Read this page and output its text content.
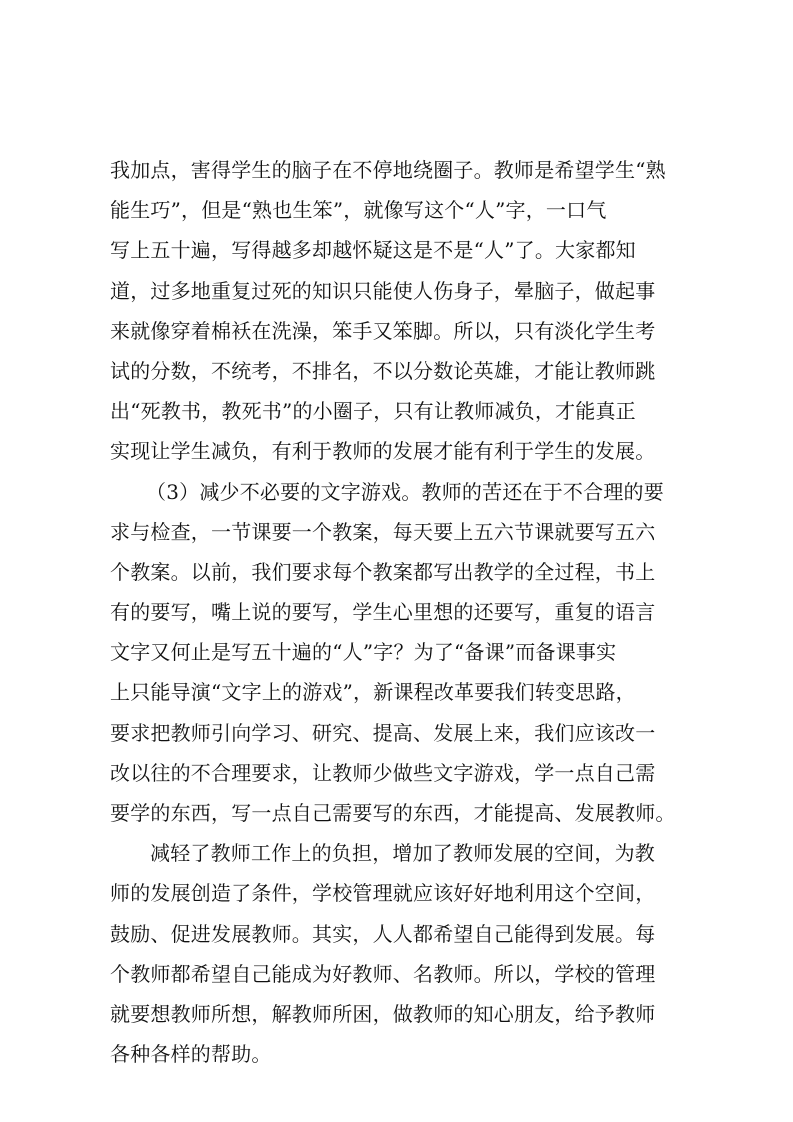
我加点，害得学生的脑子在不停地绕圈子。教师是希望学生“熟
能生巧”，但是“熟也生笨”，就像写这个“人”字，一口气
写上五十遍，写得越多却越怀疑这是不是“人”了。大家都知
道，过多地重复过死的知识只能使人伤身子，晕脑子，做起事
来就像穿着棉袄在洗澡，笨手又笨脚。所以，只有淡化学生考
试的分数，不统考，不排名，不以分数论英雄，才能让教师跳
出“死教书，教死书”的小圈子，只有让教师减负，才能真正
实现让学生减负，有利于教师的发展才能有利于学生的发展。
（3）减少不必要的文字游戏。教师的苦还在于不合理的要
求与检查，一节课要一个教案，每天要上五六节课就要写五六
个教案。以前，我们要求每个教案都写出教学的全过程，书上
有的要写，嘴上说的要写，学生心里想的还要写，重复的语言
文字又何止是写五十遍的“人”字？为了“备课”而备课事实
上只能导演“文字上的游戏”，新课程改革要我们转变思路，
要求把教师引向学习、研究、提高、发展上来，我们应该改一
改以往的不合理要求，让教师少做些文字游戏，学一点自己需
要学的东西，写一点自己需要写的东西，才能提高、发展教师。
减轻了教师工作上的负担，增加了教师发展的空间，为教
师的发展创造了条件，学校管理就应该好好地利用这个空间，
鼓励、促进发展教师。其实，人人都希望自己能得到发展。每
个教师都希望自己能成为好教师、名教师。所以，学校的管理
就要想教师所想，解教师所困，做教师的知心朋友，给予教师
各种各样的帮助。
